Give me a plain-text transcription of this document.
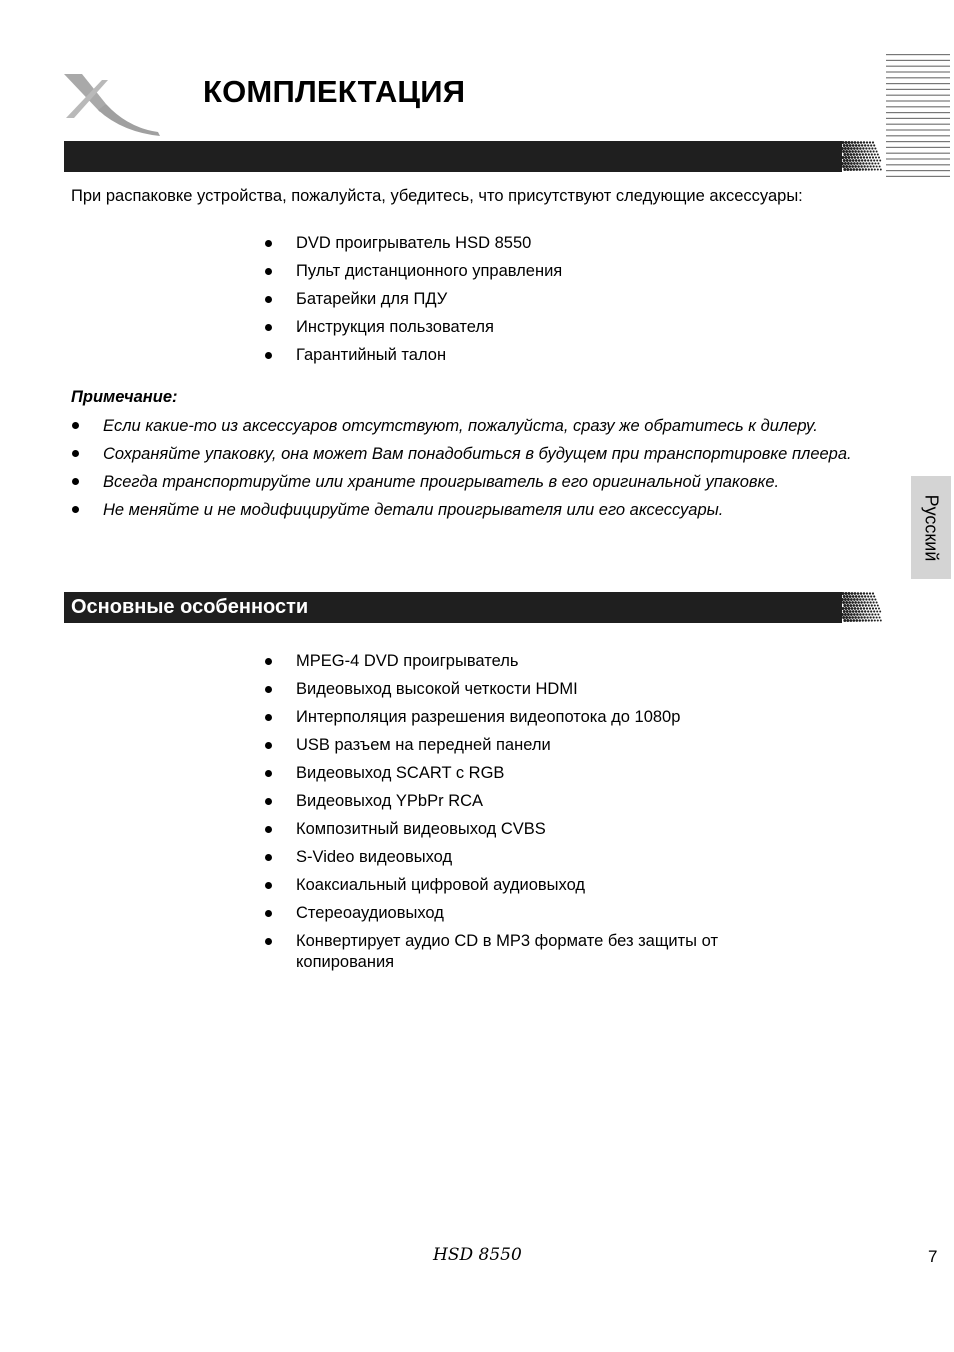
КОМПЛЕКТАЦИЯ
При распаковке устройства, пожалуйста, убедитесь, что присутствуют следующие аксессуары:
DVD проигрыватель HSD 8550
Пульт дистанционного управления
Батарейки для ПДУ
Инструкция пользователя
Гарантийный талон
Примечание:
Если какие-то из аксессуаров отсутствуют, пожалуйста, сразу же обратитесь к дилеру.
Сохраняйте упаковку, она может Вам понадобиться в будущем при транспортировке плеера.
Всегда транспортируйте или храните проигрыватель в его оригинальной упаковке.
Не меняйте и не модифицируйте детали проигрывателя или его аксессуары.	Русский
Основные особенности
MPEG-4 DVD проигрыватель
Видеовыход высокой четкости HDMI
Интерполяция разрешения видеопотока до 1080p
USB разъем на передней панели
Видеовыход SCART с RGB
Видеовыход YPbPr RCA
Композитный видеовыход CVBS
S-Video видеовыход
Коаксиальный цифровой аудиовыход
Стереоаудиовыход
Конвертирует аудио CD в MP3 формате без защиты от копирования
HSD 8550	7
